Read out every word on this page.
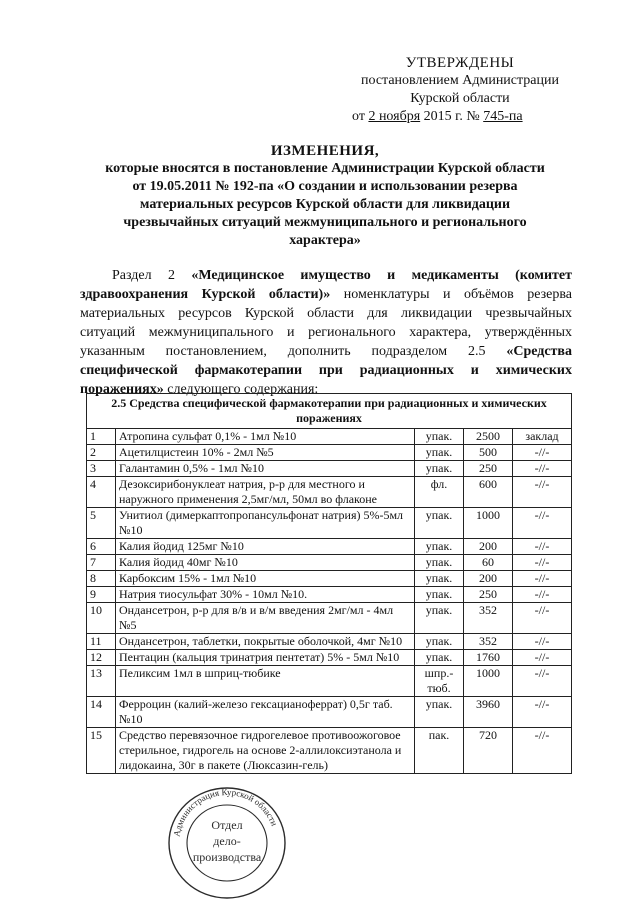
УТВЕРЖДЕНЫ
постановлением Администрации
Курской области
от 2 ноября 2015 г. № 745-па
ИЗМЕНЕНИЯ,
которые вносятся в постановление Администрации Курской области
от 19.05.2011 № 192-па «О создании и использовании резерва
материальных ресурсов Курской области для ликвидации
чрезвычайных ситуаций межмуниципального и регионального
характера»

Раздел 2 «Медицинское имущество и медикаменты (комитет здравоохранения Курской области)» номенклатуры и объёмов резерва материальных ресурсов Курской области для ликвидации чрезвычайных ситуаций межмуниципального и регионального характера, утверждённых указанным постановлением, дополнить подразделом 2.5 «Средства специфической фармакотерапии при радиационных и химических поражениях» следующего содержания:

2.5 Средства специфической фармакотерапии при радиационных и химических поражениях				
1	Атропина сульфат 0,1% - 1мл №10	упак.	2500	заклад
2	Ацетилцистеин 10% - 2мл №5	упак.	500	-//-
3	Галантамин 0,5% - 1мл №10	упак.	250	-//-
4	Дезоксирибонуклеат натрия, р-р для местного и наружного применения 2,5мг/мл, 50мл во флаконе	фл.	600	-//-
5	Унитиол (димеркаптопропансульфонат натрия) 5%-5мл №10	упак.	1000	-//-
6	Калия йодид 125мг №10	упак.	200	-//-
7	Калия йодид 40мг №10	упак.	60	-//-
8	Карбоксим 15% - 1мл №10	упак.	200	-//-
9	Натрия тиосульфат 30% - 10мл №10.	упак.	250	-//-
10	Ондансетрон, р-р для в/в и в/м введения 2мг/мл - 4мл №5	упак.	352	-//-
11	Ондансетрон, таблетки, покрытые оболочкой, 4мг №10	упак.	352	-//-
12	Пентацин (кальция тринатрия пентетат) 5% - 5мл №10	упак.	1760	-//-
13	Пеликсим 1мл в шприц-тюбике	шпр.-тюб.	1000	-//-
14	Ферроцин (калий-железо гексацианоферрат) 0,5г таб. №10	упак.	3960	-//-
15	Средство перевязочное гидрогелевое противоожоговое стерильное, гидрогель на основе 2-аллилоксиэтанола и лидокаина, 30г в пакете (Люксазин-гель)	пак.	720	-//-
Администрация Курской области
Отдел
дело-
производства
